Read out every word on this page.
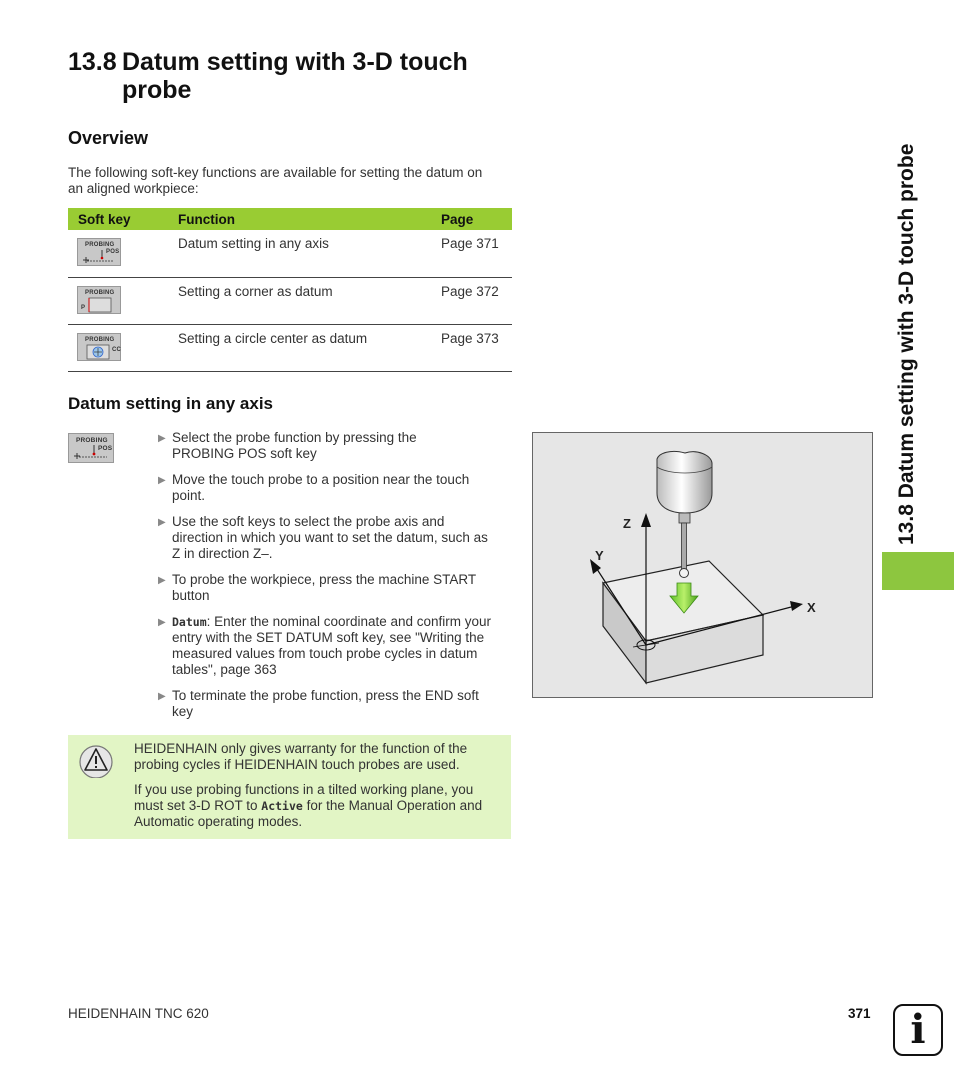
13.8 Datum setting with 3-D touch
probe
Overview
The following soft-key functions are available for setting the datum on
an aligned workpiece:
Soft key	Function	Page

PROBING
POS	Datum setting in any axis	Page 371

PROBING
P	Setting a corner as datum	Page 372

PROBING
CC	Setting a circle center as datum	Page 373
Datum setting in any axis
PROBING
POS
▶ Select the probe function by pressing the
PROBING POS soft key
▶ Move the touch probe to a position near the touch
point.
▶ Use the soft keys to select the probe axis and
direction in which you want to set the datum, such as
Z in direction Z–.
▶ To probe the workpiece, press the machine START
button
▶ Datum: Enter the nominal coordinate and confirm your
entry with the SET DATUM soft key, see "Writing the
measured values from touch probe cycles in datum
tables", page 363
▶ To terminate the probe function, press the END soft
key
Z
Y
X

HEIDENHAIN only gives warranty for the function of the

probing cycles if HEIDENHAIN touch probes are used.

If you use probing functions in a tilted working plane, you

must set 3-D ROT to Active for the Manual Operation and

Automatic operating modes.

13.8 Datum setting with 3-D touch probe
HEIDENHAIN TNC 620	371 i
